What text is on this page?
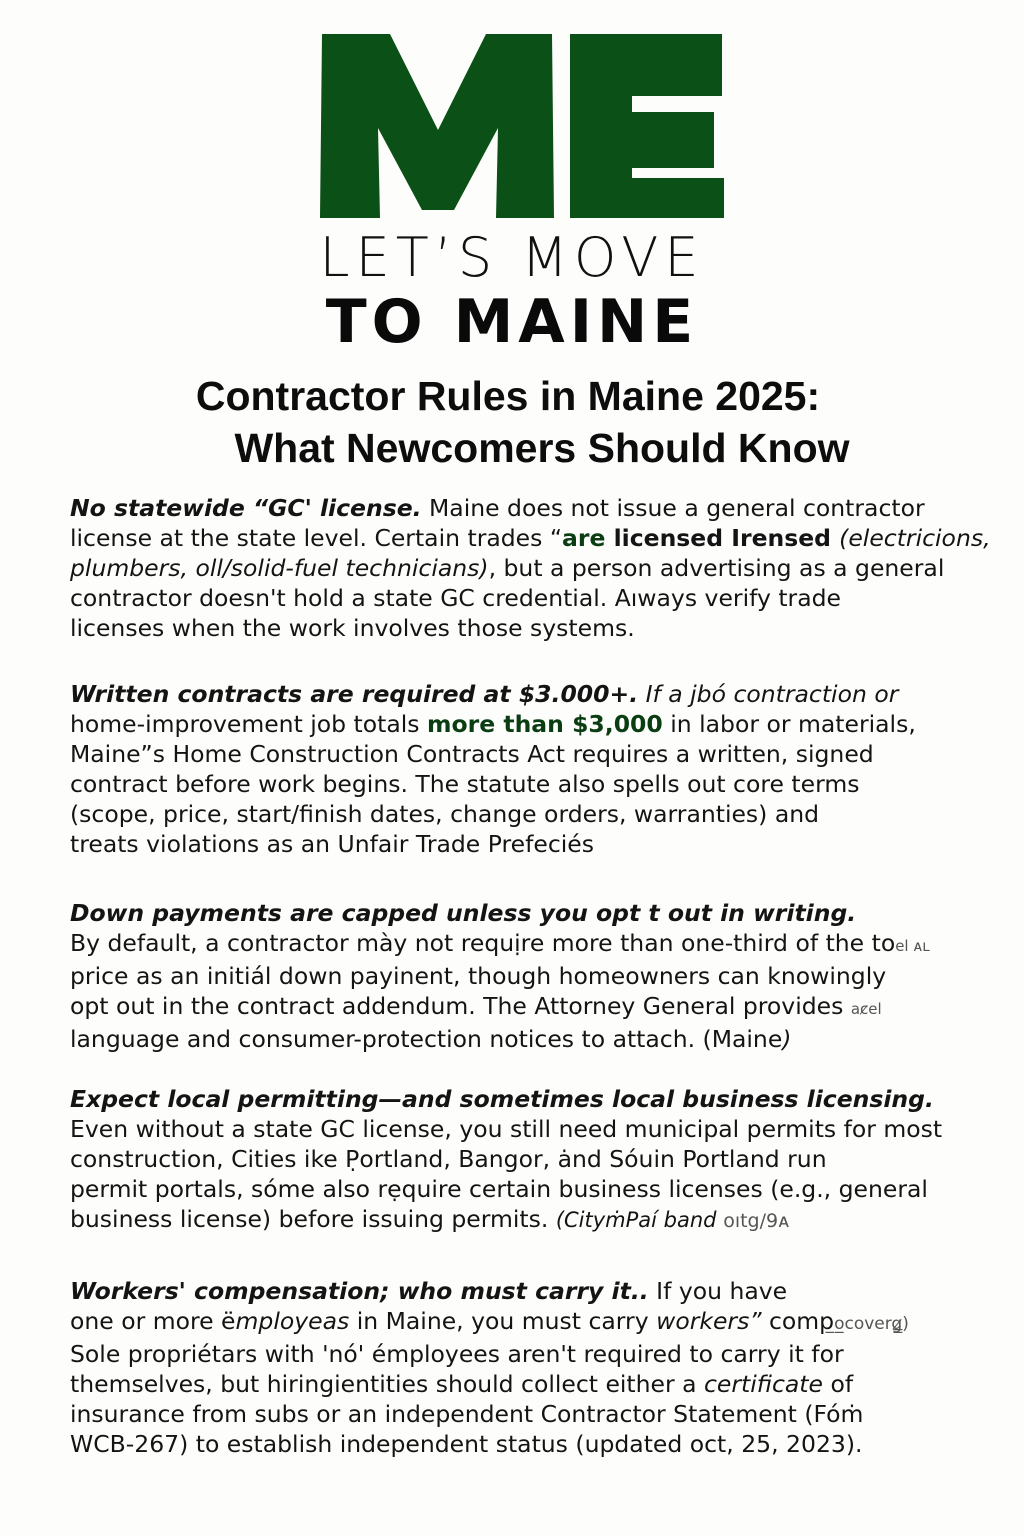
LET’S MOVE
TO MAINE
Contractor Rules in Maine 2025:
What Newcomers Should Know
No statewide “GC' license. Maine does not issue a general contractor
license at the state level. Certain trades “are licensed Irensed (electricions,
plumbers, oll/solid-fuel technicians), but a person advertising as a general
contractor doesn't hold a state GC credential. Aıways verify trade
licenses when the work involves those systems.
Written contracts are required at $3.000+. If a jbó contraction or
home-improvement job totals more than $3,000 in labor or materials,
Maine”s Home Construction Contracts Act requires a written, signed
contract before work begins. The statute also spells out core terms
(scope, price, start/finish dates, change orders, warranties) and
treats violations as an Unfair Trade Prefeciés
Down payments are capped unless you opt t out in writing.
By default, a contractor mày not requịre more than one-third of the toel ᴀʟ
price as an initiál down payinent, though homeowners can knowingly
opt out in the contract addendum. The Attorney General provides ac̷el
language and consumer-protection notices to attach. (Maine)
Expect local permitting—and sometimes local business licensing.
Even without a state GC license, you still need municipal permits for most
construction, Cities ike P̣ortland, Bangor, ȧnd Sóuin Portland run
permit portals, sóme also rẹquire certain business licenses (e.g., general
business license) before issuing permits. (CityṁPaí band oıtg/9ᴀ
Workers' compensation; who must carry it.. If you have
one or more ëmployeas in Maine, you must carry workers” comp̲o̲coverg̷̳)
Sole propriétars with 'nó' émployees aren't required to carry it for
themselves, but hiringientities should collect either a certificate of
insurance from subs or an independent Contractor Statement (Fóṁ
WCB-267) to establish independent status (updated oct, 25, 2023).
